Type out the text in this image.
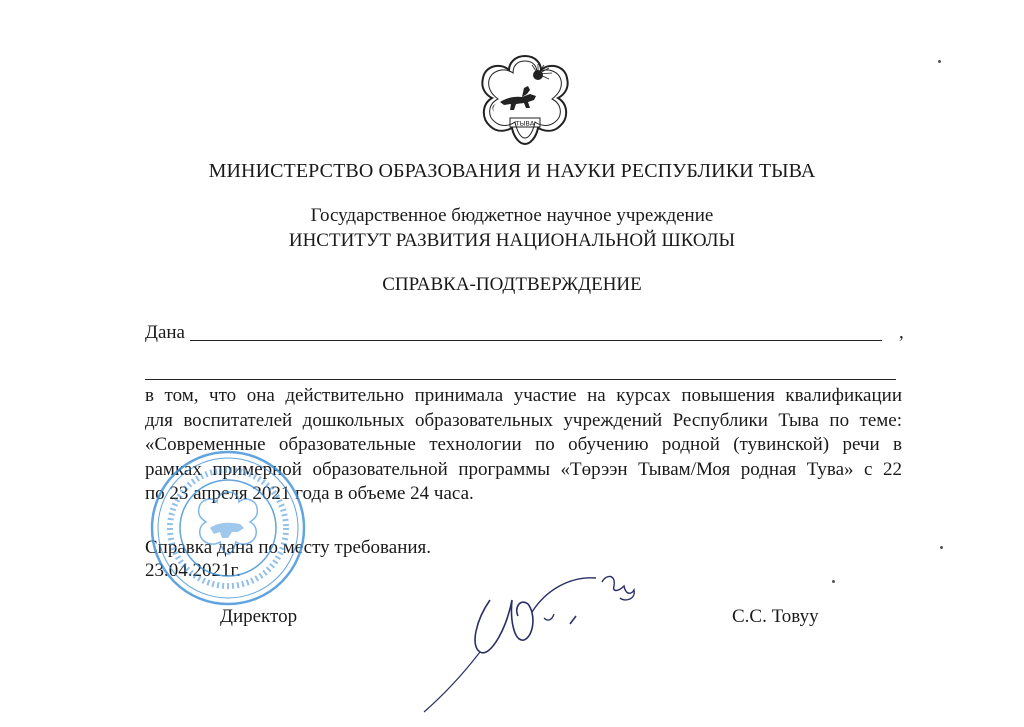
ТЫВА
МИНИСТЕРСТВО ОБРАЗОВАНИЯ И НАУКИ РЕСПУБЛИКИ ТЫВА
Государственное бюджетное научное учреждение
ИНСТИТУТ РАЗВИТИЯ НАЦИОНАЛЬНОЙ ШКОЛЫ
СПРАВКА-ПОДТВЕРЖДЕНИЕ
Дана	,
в том, что она действительно принимала участие на курсах повышения квалификации
для воспитателей дошкольных образовательных учреждений Республики Тыва по теме:
«Современные образовательные технологии по обучению родной (тувинской) речи в
рамках примерной образовательной программы «Төрээн Тывам/Моя родная Тува» с 22
по 23 апреля 2021 года в объеме 24 часа.
Справка дана по месту требования.
23.04.2021г.
Директор	С.С. Товуу
